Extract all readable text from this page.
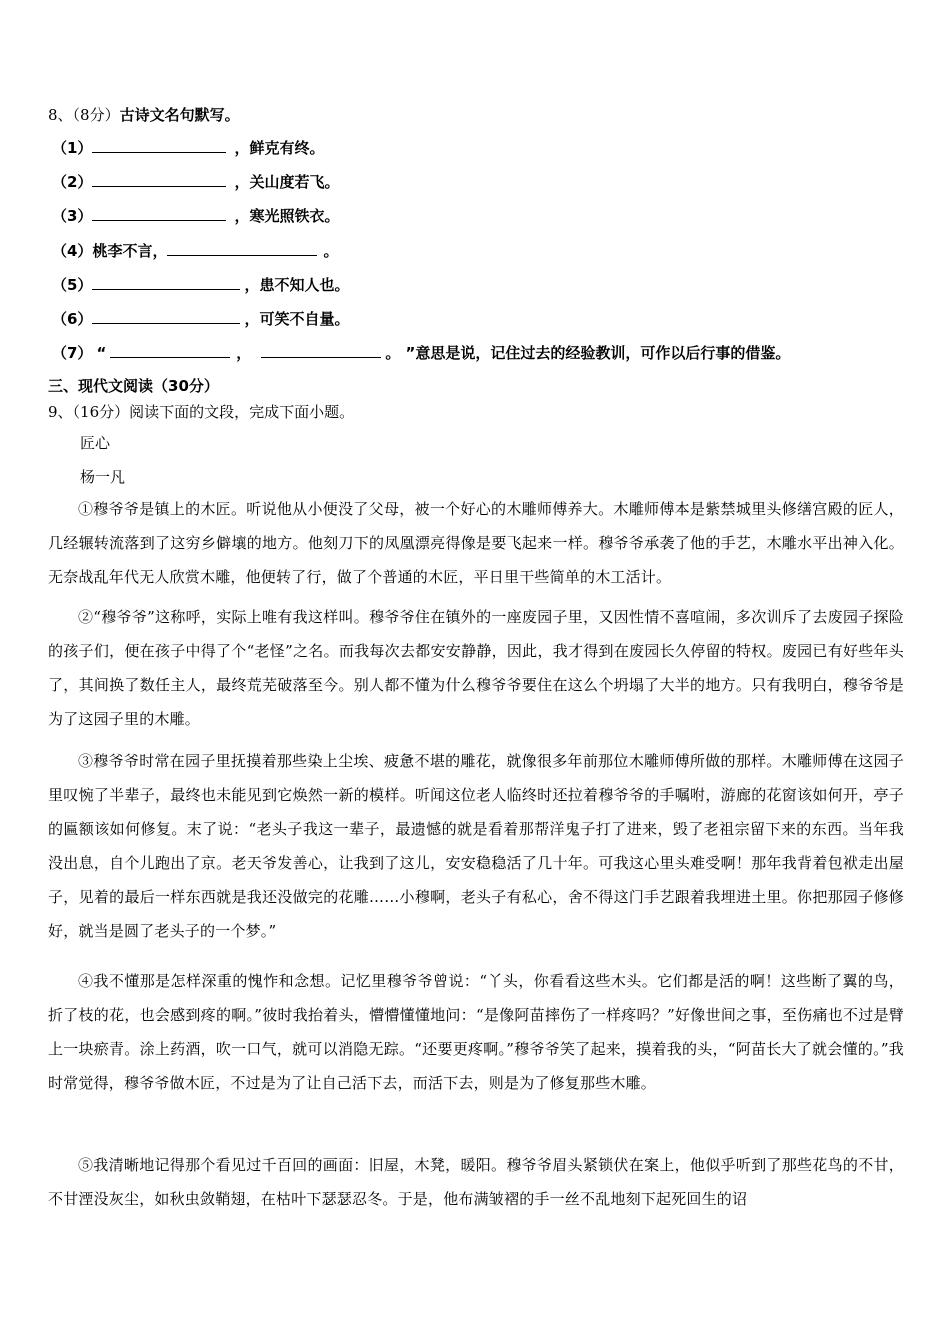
8、（8分）古诗文名句默写。
（1）	，鲜克有终。
（2）	，关山度若飞。
（3）	，寒光照铁衣。
（4）桃李不言，	。
（5）	，患不知人也。
（6）	，可笑不自量。
（7） “	，	。 ”意思是说，记住过去的经验教训，可作以后行事的借鉴。
三、现代文阅读（30分）
9、（16分）阅读下面的文段，完成下面小题。
匠心
杨一凡
①穆爷爷是镇上的木匠。听说他从小便没了父母，被一个好心的木雕师傅养大。木雕师傅本是紫禁城里头修缮宫殿的匠人，几经辗转流落到了这穷乡僻壤的地方。他刻刀下的凤凰漂亮得像是要飞起来一样。穆爷爷承袭了他的手艺，木雕水平出神入化。无奈战乱年代无人欣赏木雕，他便转了行，做了个普通的木匠，平日里干些简单的木工活计。
②“穆爷爷”这称呼，实际上唯有我这样叫。穆爷爷住在镇外的一座废园子里，又因性情不喜喧闹，多次训斥了去废园子探险的孩子们，便在孩子中得了个“老怪”之名。而我每次去都安安静静，因此，我才得到在废园长久停留的特权。废园已有好些年头了，其间换了数任主人，最终荒芜破落至今。别人都不懂为什么穆爷爷要住在这么个坍塌了大半的地方。只有我明白，穆爷爷是为了这园子里的木雕。
③穆爷爷时常在园子里抚摸着那些染上尘埃、疲惫不堪的雕花，就像很多年前那位木雕师傅所做的那样。木雕师傅在这园子里叹惋了半辈子，最终也未能见到它焕然一新的模样。听闻这位老人临终时还拉着穆爷爷的手嘱咐，游廊的花窗该如何开，亭子的匾额该如何修复。末了说：“老头子我这一辈子，最遗憾的就是看着那帮洋鬼子打了进来，毁了老祖宗留下来的东西。当年我没出息，自个儿跑出了京。老天爷发善心，让我到了这儿，安安稳稳活了几十年。可我这心里头难受啊！那年我背着包袱走出屋子，见着的最后一样东西就是我还没做完的花雕……小穆啊，老头子有私心，舍不得这门手艺跟着我埋进土里。你把那园子修修好，就当是圆了老头子的一个梦。”
④我不懂那是怎样深重的愧怍和念想。记忆里穆爷爷曾说：“丫头，你看看这些木头。它们都是活的啊！这些断了翼的鸟，折了枝的花，也会感到疼的啊。”彼时我抬着头，懵懵懂懂地问：“是像阿苗摔伤了一样疼吗？”好像世间之事，至伤痛也不过是臂上一块瘀青。涂上药酒，吹一口气，就可以消隐无踪。“还要更疼啊。”穆爷爷笑了起来，摸着我的头，“阿苗长大了就会懂的。”我时常觉得，穆爷爷做木匠，不过是为了让自己活下去，而活下去，则是为了修复那些木雕。
⑤我清晰地记得那个看见过千百回的画面：旧屋，木凳，暖阳。穆爷爷眉头紧锁伏在案上，他似乎听到了那些花鸟的不甘，不甘湮没灰尘，如秋虫敛鞘翅，在枯叶下瑟瑟忍冬。于是，他布满皱褶的手一丝不乱地刻下起死回生的诏
